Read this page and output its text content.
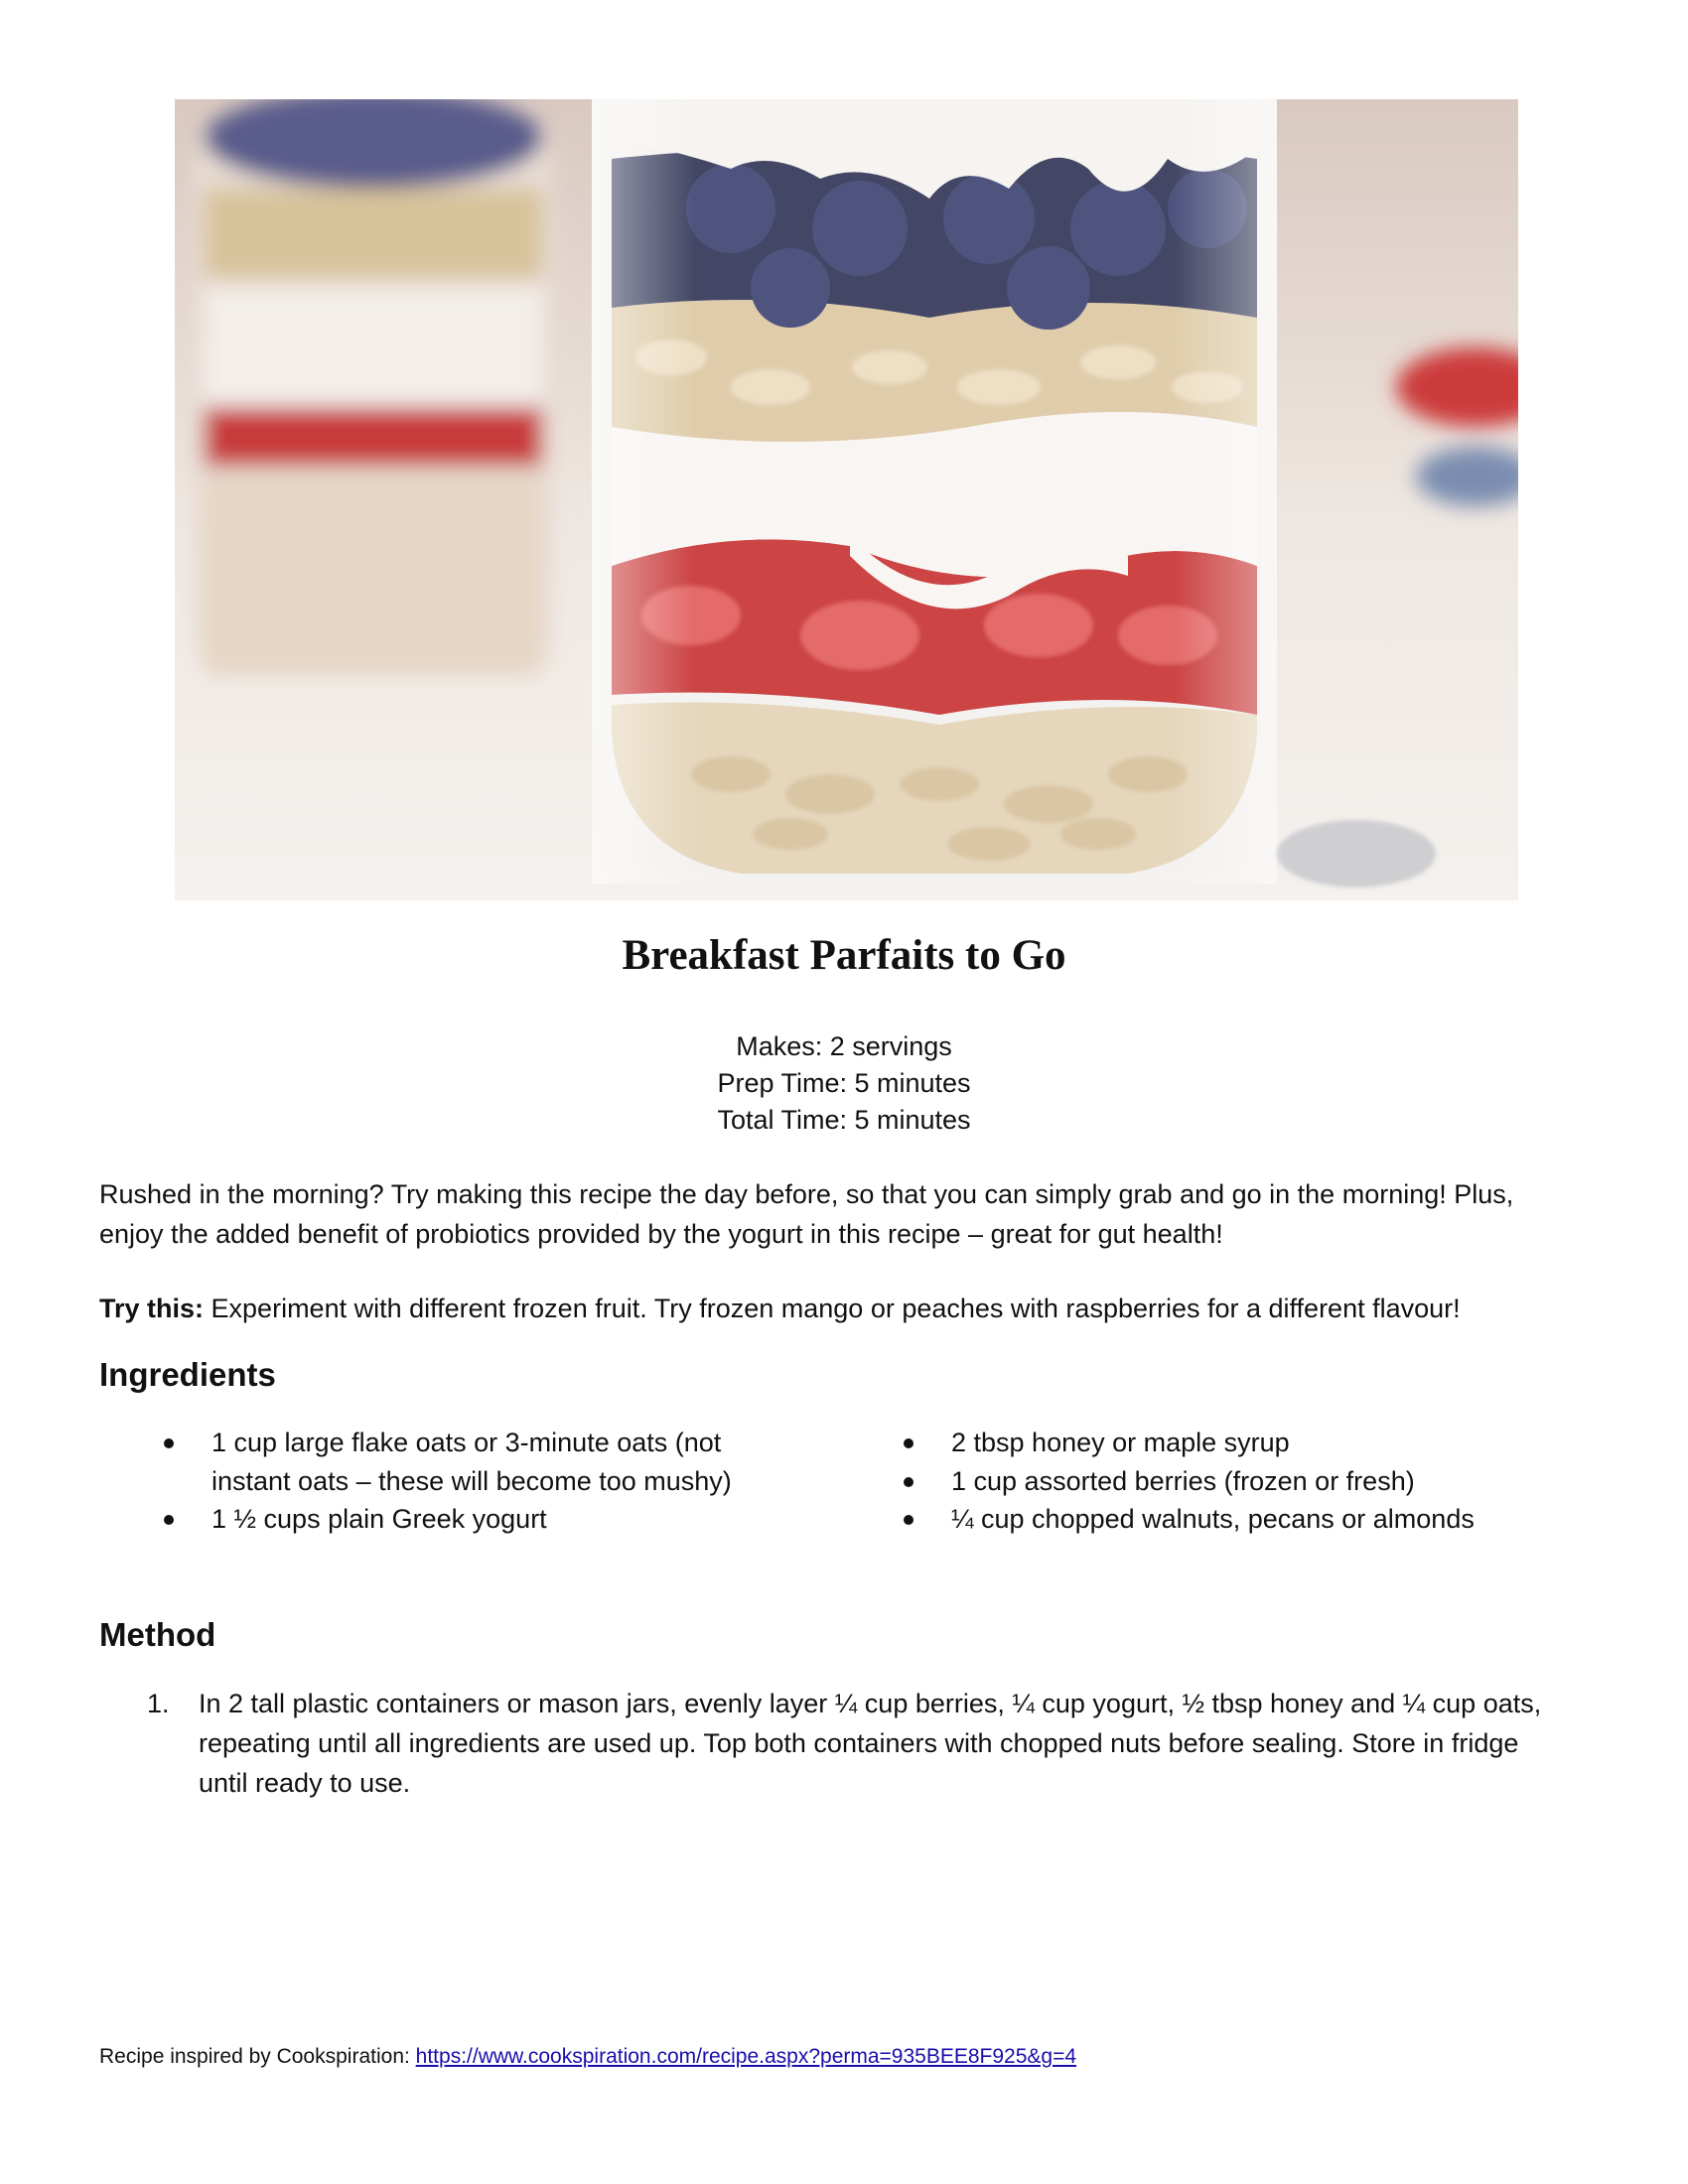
Breakfast Parfaits to Go
Makes: 2 servings
Prep Time: 5 minutes
Total Time: 5 minutes
Rushed in the morning? Try making this recipe the day before, so that you can simply grab and go in the morning! Plus,
enjoy the added benefit of probiotics provided by the yogurt in this recipe – great for gut health!
Try this: Experiment with different frozen fruit. Try frozen mango or peaches with raspberries for a different flavour!
Ingredients
1 cup large flake oats or 3-minute oats (not
instant oats – these will become too mushy)
1 ½ cups plain Greek yogurt
2 tbsp honey or maple syrup
1 cup assorted berries (frozen or fresh)
¼ cup chopped walnuts, pecans or almonds
Method
1. In 2 tall plastic containers or mason jars, evenly layer ¼ cup berries, ¼ cup yogurt, ½ tbsp honey and ¼ cup oats,
repeating until all ingredients are used up. Top both containers with chopped nuts before sealing. Store in fridge
until ready to use.
Recipe inspired by Cookspiration: https://www.cookspiration.com/recipe.aspx?perma=935BEE8F925&g=4
